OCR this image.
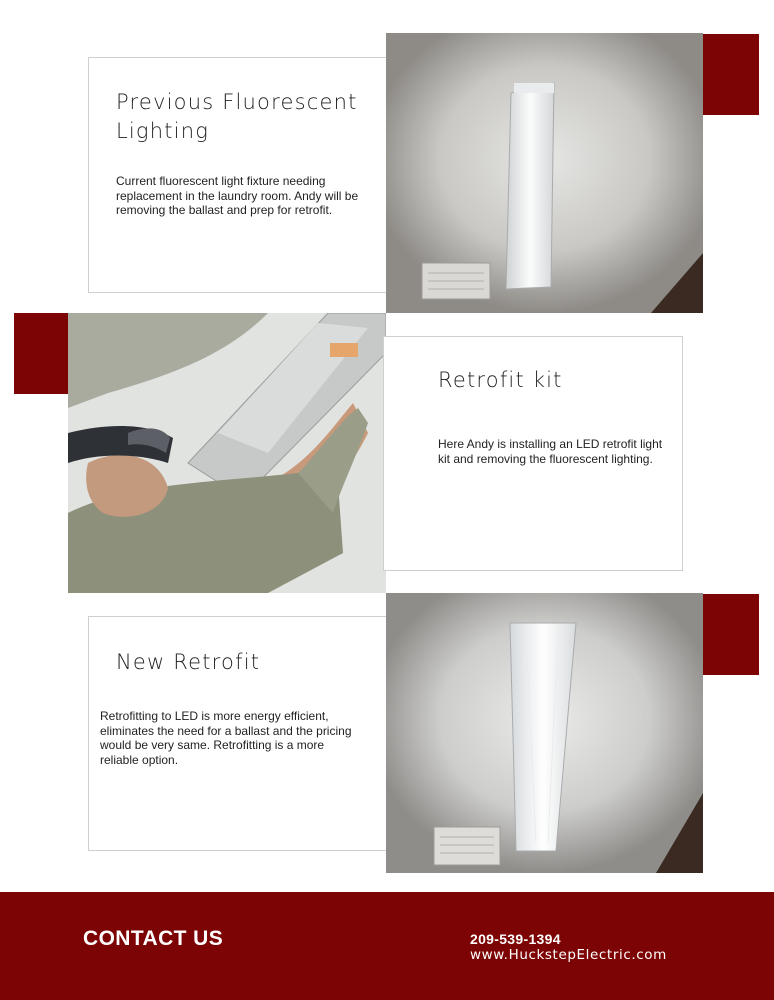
Previous Fluorescent Lighting
Current fluorescent light fixture needing replacement in the laundry room. Andy will be removing the ballast and prep for retrofit.
Retrofit kit
Here Andy is installing an LED retrofit light kit and removing the fluorescent lighting.
New Retrofit
Retrofitting to LED is more energy efficient, eliminates the need for a ballast and the pricing would be very same. Retrofitting is a more reliable option.
CONTACT US	209-539-1394
www.HuckstepElectric.com
